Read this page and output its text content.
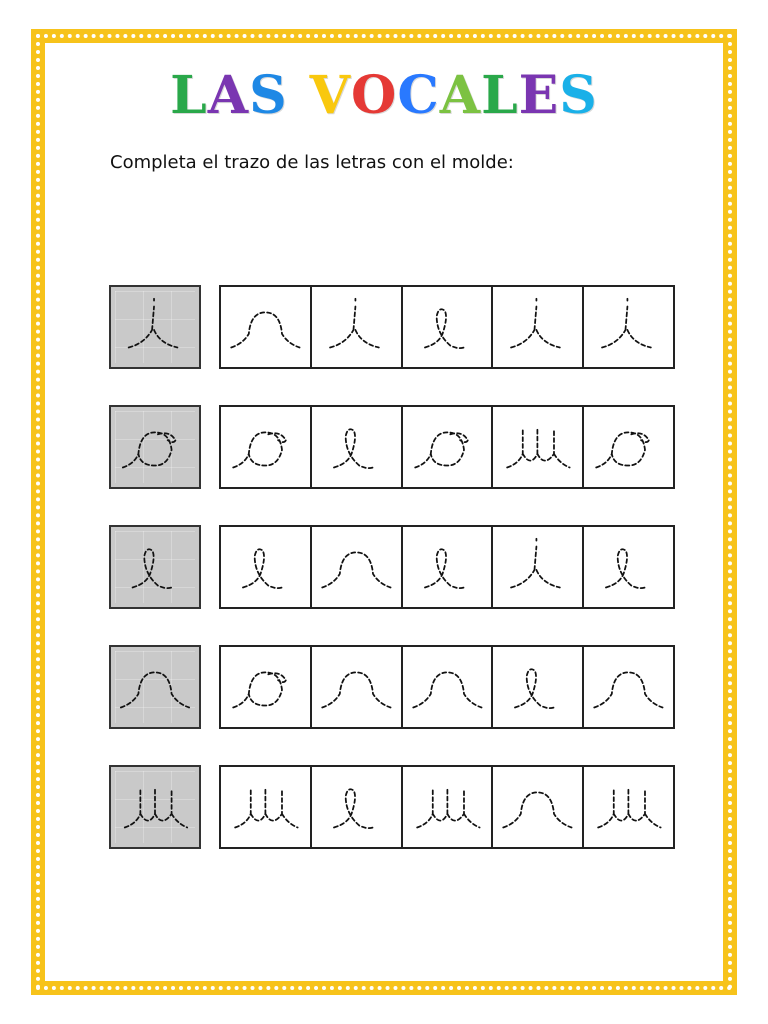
LAS VOCALES
Completa el trazo de las letras con el molde:
